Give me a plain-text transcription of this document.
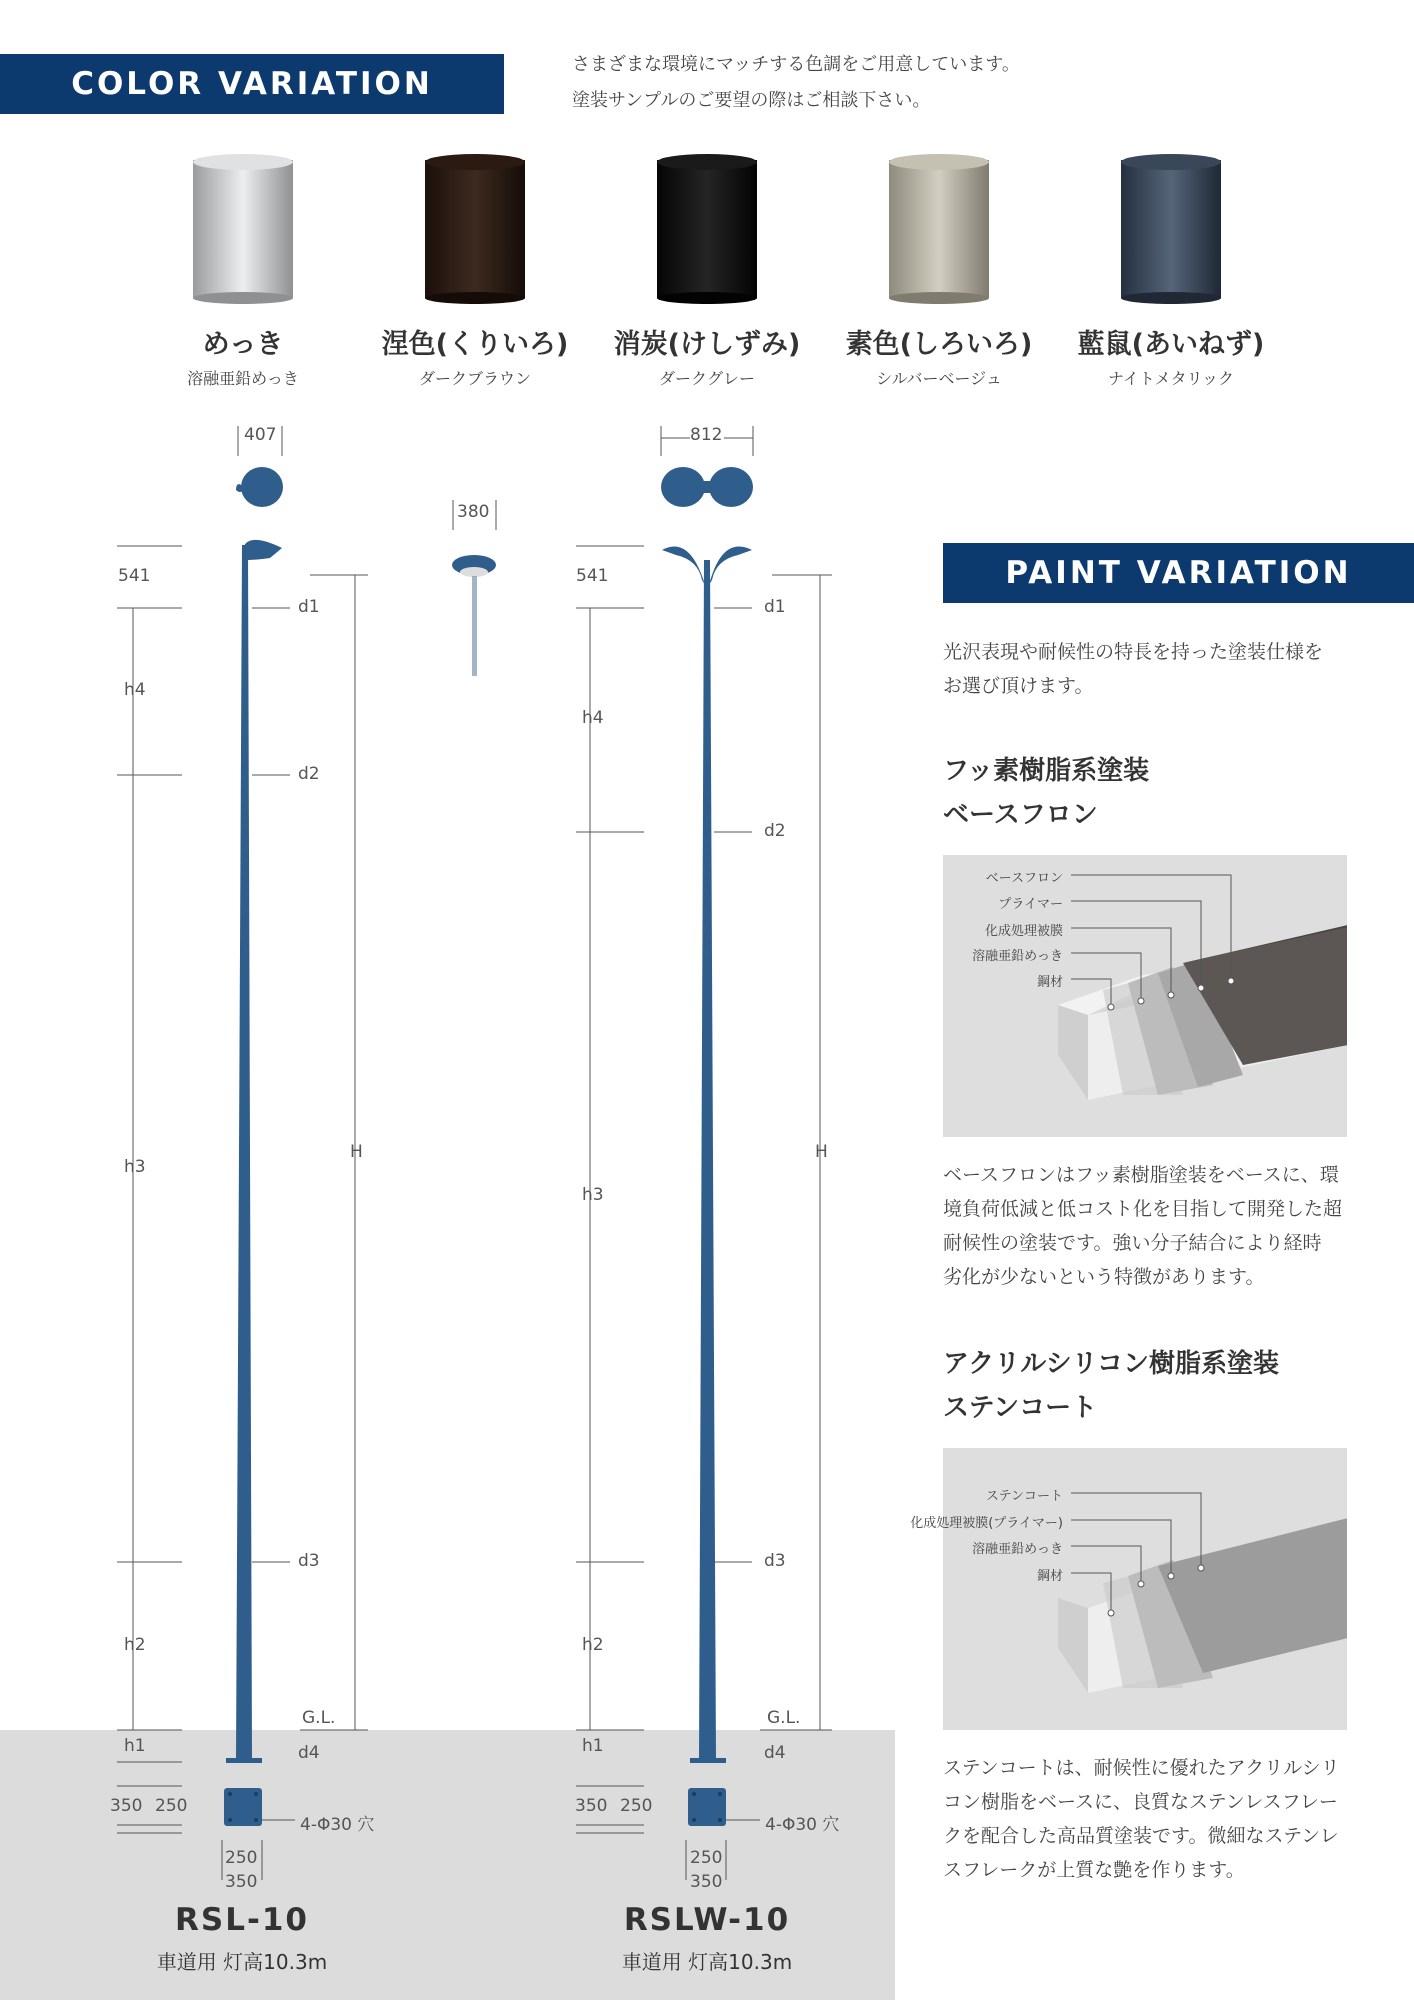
COLOR VARIATION
さまざまな環境にマッチする色調をご用意しています。
塗装サンプルのご要望の際はご相談下さい。
めっき
溶融亜鉛めっき
涅色(くりいろ)
ダークブラウン
消炭(けしずみ)
ダークグレー
素色(しろいろ)
シルバーベージュ
藍鼠(あいねず)
ナイトメタリック
407
380
812
541
h4
h3
h2
h1
d1
d2
d3
d4
H
G.L.
350 250
4-Φ30 穴
250
350
541
h4
h3
h2
h1
d1
d2
d3
d4
H
G.L.
350 250
4-Φ30 穴
250
350
RSL-10
車道用 灯高10.3m
RSLW-10
車道用 灯高10.3m
PAINT VARIATION
光沢表現や耐候性の特長を持った塗装仕様を
お選び頂けます。
フッ素樹脂系塗装
ベースフロン
ベースフロン
プライマー
化成処理被膜
溶融亜鉛めっき
鋼材
ベースフロンはフッ素樹脂塗装をベースに、環
境負荷低減と低コスト化を目指して開発した超
耐候性の塗装です。強い分子結合により経時
劣化が少ないという特徴があります。
アクリルシリコン樹脂系塗装
ステンコート
ステンコート
化成処理被膜(プライマー)
溶融亜鉛めっき
鋼材
ステンコートは、耐候性に優れたアクリルシリ
コン樹脂をベースに、良質なステンレスフレー
クを配合した高品質塗装です。微細なステンレ
スフレークが上質な艶を作ります。
